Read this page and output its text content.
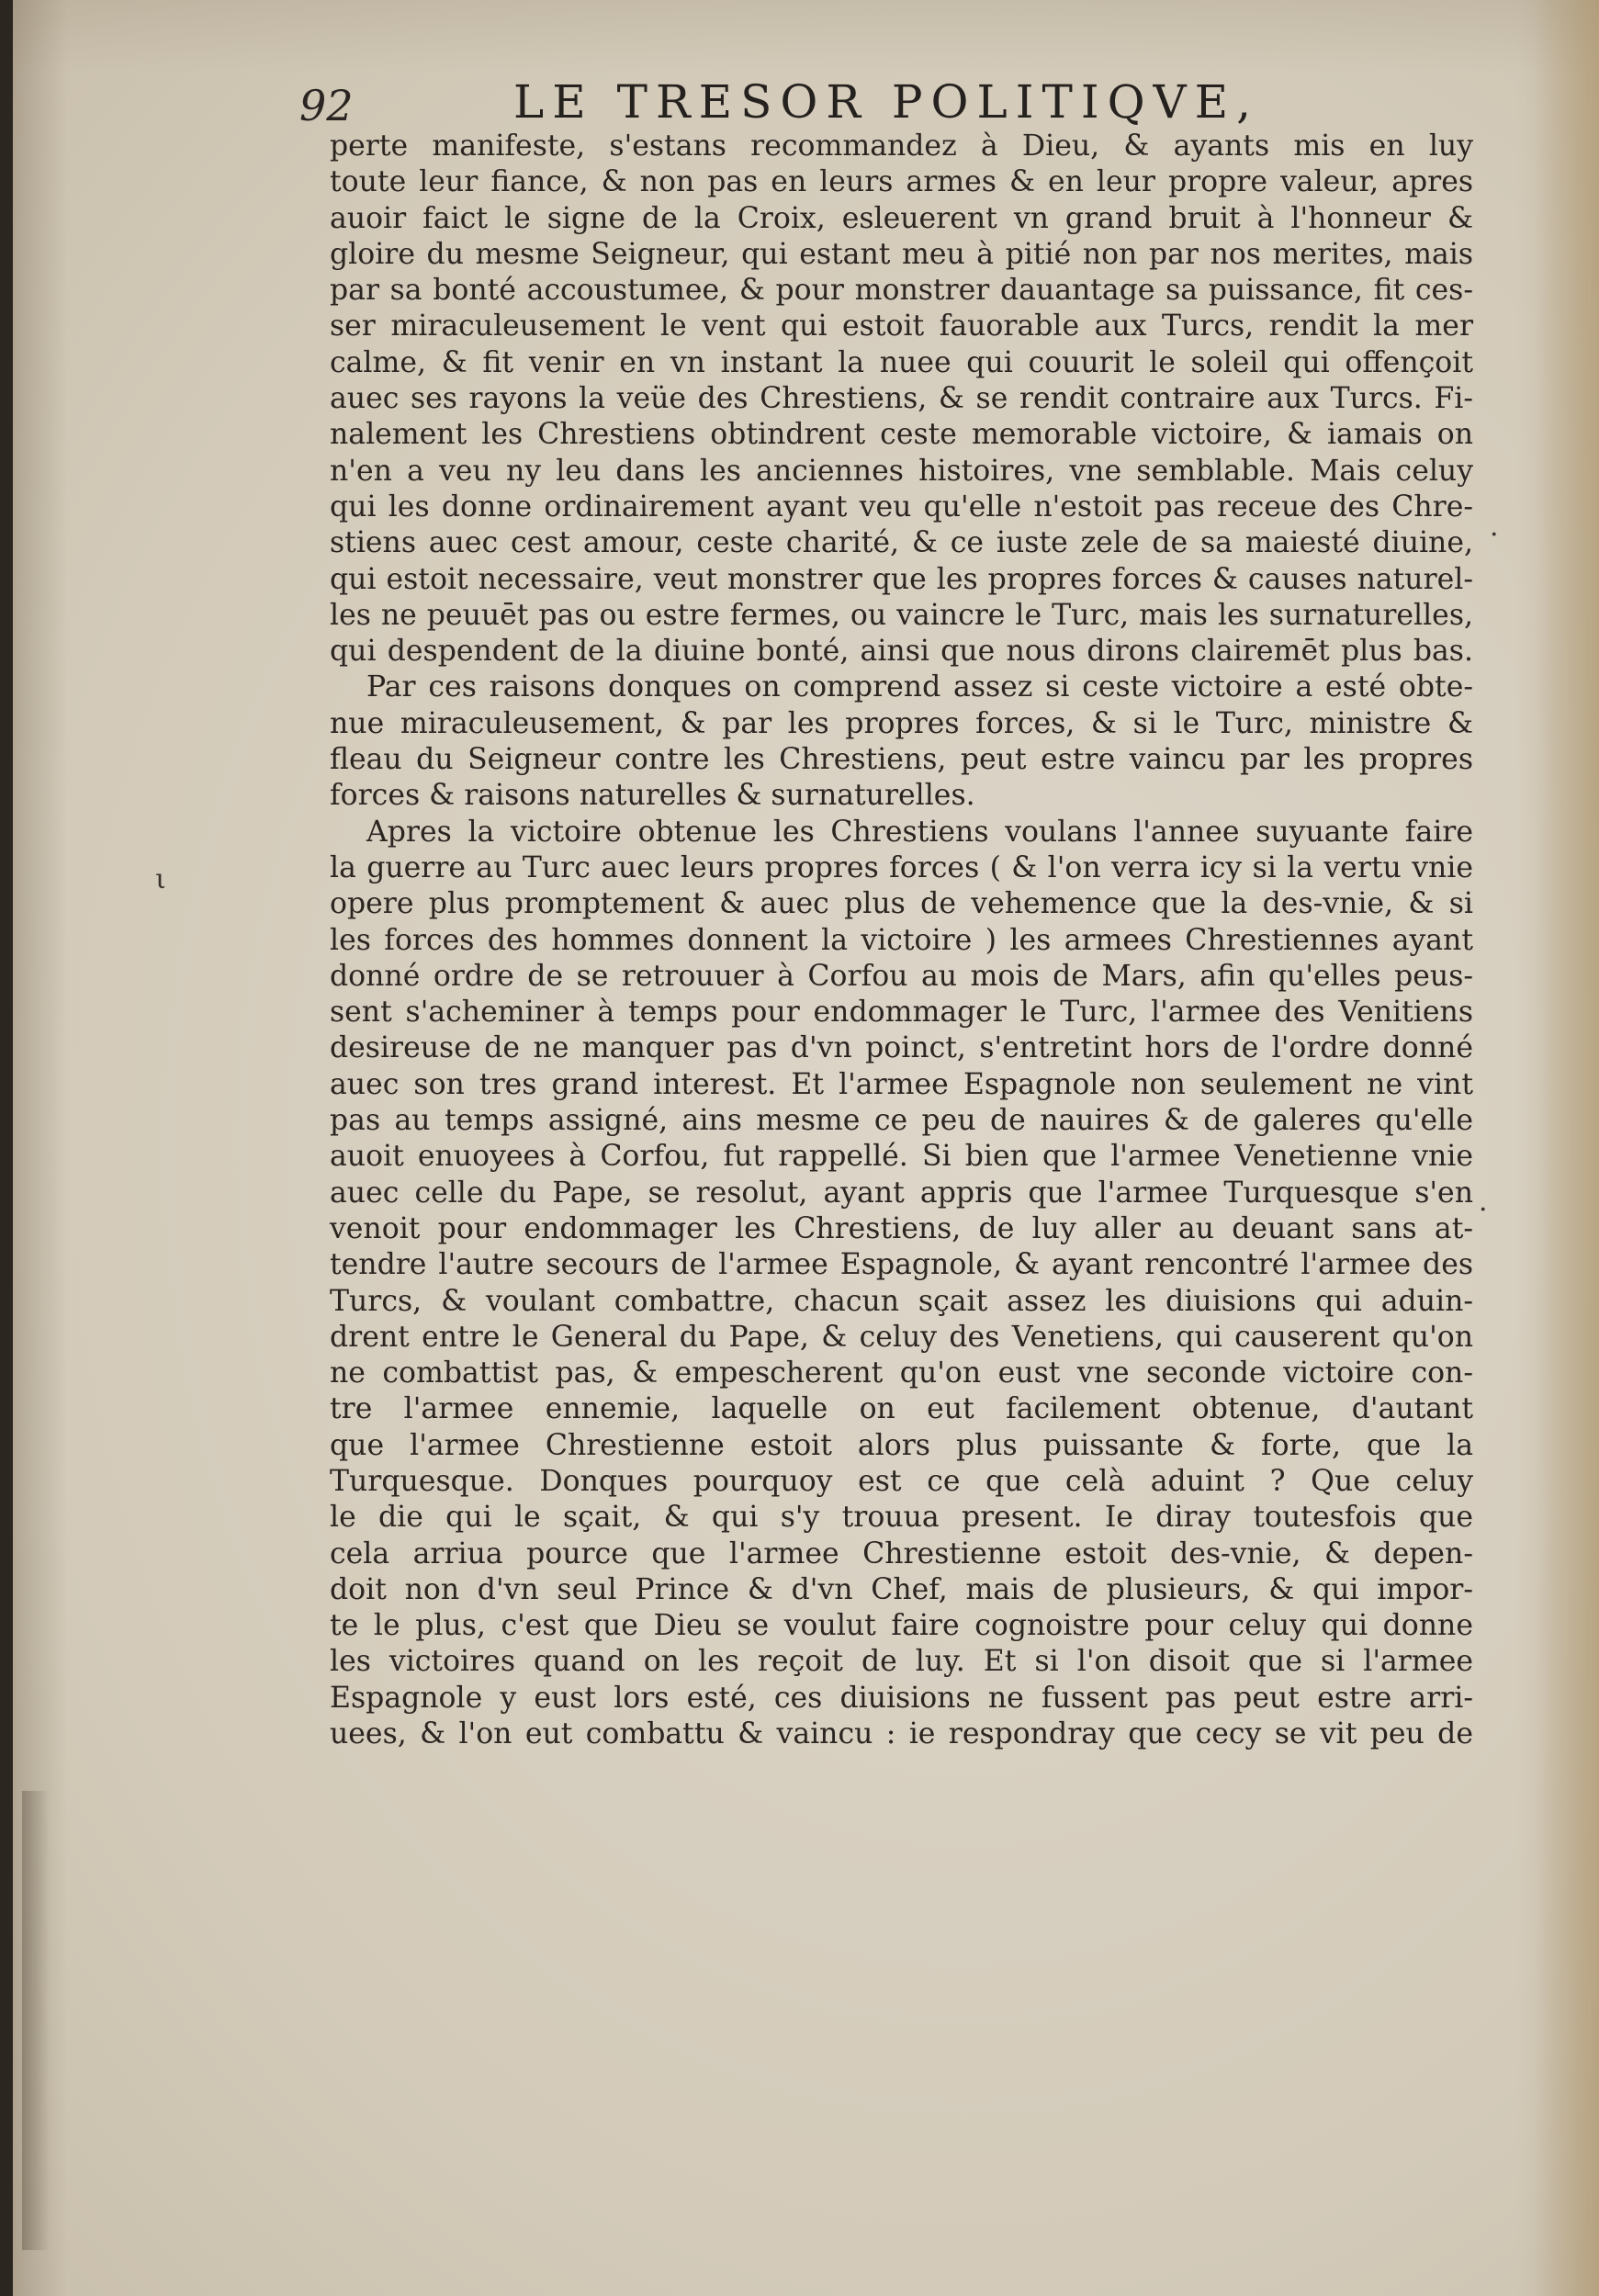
92	LE TRESOR POLITIQVE,
ι
·
·
perte manifeste, s'estans recommandez à Dieu, & ayants mis en luy
toute leur fiance, & non pas en leurs armes & en leur propre valeur, apres
auoir faict le signe de la Croix, esleuerent vn grand bruit à l'honneur &
gloire du mesme Seigneur, qui estant meu à pitié non par nos merites, mais
par sa bonté accoustumee, & pour monstrer dauantage sa puissance, fit ces-
ser miraculeusement le vent qui estoit fauorable aux Turcs, rendit la mer
calme, & fit venir en vn instant la nuee qui couurit le soleil qui offençoit
auec ses rayons la veüe des Chrestiens, & se rendit contraire aux Turcs. Fi-
nalement les Chrestiens obtindrent ceste memorable victoire, & iamais on
n'en a veu ny leu dans les anciennes histoires, vne semblable. Mais celuy
qui les donne ordinairement ayant veu qu'elle n'estoit pas receue des Chre-
stiens auec cest amour, ceste charité, & ce iuste zele de sa maiesté diuine,
qui estoit necessaire, veut monstrer que les propres forces & causes naturel-
les ne peuuēt pas ou estre fermes, ou vaincre le Turc, mais les surnaturelles,
qui despendent de la diuine bonté, ainsi que nous dirons clairemēt plus bas.
Par ces raisons donques on comprend assez si ceste victoire a esté obte-
nue miraculeusement, & par les propres forces, & si le Turc, ministre &
fleau du Seigneur contre les Chrestiens, peut estre vaincu par les propres
forces & raisons naturelles & surnaturelles.
Apres la victoire obtenue les Chrestiens voulans l'annee suyuante faire
la guerre au Turc auec leurs propres forces ( & l'on verra icy si la vertu vnie
opere plus promptement & auec plus de vehemence que la des-vnie, & si
les forces des hommes donnent la victoire ) les armees Chrestiennes ayant
donné ordre de se retrouuer à Corfou au mois de Mars, afin qu'elles peus-
sent s'acheminer à temps pour endommager le Turc, l'armee des Venitiens
desireuse de ne manquer pas d'vn poinct, s'entretint hors de l'ordre donné
auec son tres grand interest. Et l'armee Espagnole non seulement ne vint
pas au temps assigné, ains mesme ce peu de nauires & de galeres qu'elle
auoit enuoyees à Corfou, fut rappellé. Si bien que l'armee Venetienne vnie
auec celle du Pape, se resolut, ayant appris que l'armee Turquesque s'en
venoit pour endommager les Chrestiens, de luy aller au deuant sans at-
tendre l'autre secours de l'armee Espagnole, & ayant rencontré l'armee des
Turcs, & voulant combattre, chacun sçait assez les diuisions qui aduin-
drent entre le General du Pape, & celuy des Venetiens, qui causerent qu'on
ne combattist pas, & empescherent qu'on eust vne seconde victoire con-
tre l'armee ennemie, laquelle on eut facilement obtenue, d'autant
que l'armee Chrestienne estoit alors plus puissante & forte, que la
Turquesque. Donques pourquoy est ce que celà aduint ? Que celuy
le die qui le sçait, & qui s'y trouua present. Ie diray toutesfois que
cela arriua pource que l'armee Chrestienne estoit des-vnie, & depen-
doit non d'vn seul Prince & d'vn Chef, mais de plusieurs, & qui impor-
te le plus, c'est que Dieu se voulut faire cognoistre pour celuy qui donne
les victoires quand on les reçoit de luy. Et si l'on disoit que si l'armee
Espagnole y eust lors esté, ces diuisions ne fussent pas peut estre arri-
uees, & l'on eut combattu & vaincu : ie respondray que cecy se vit peu de
